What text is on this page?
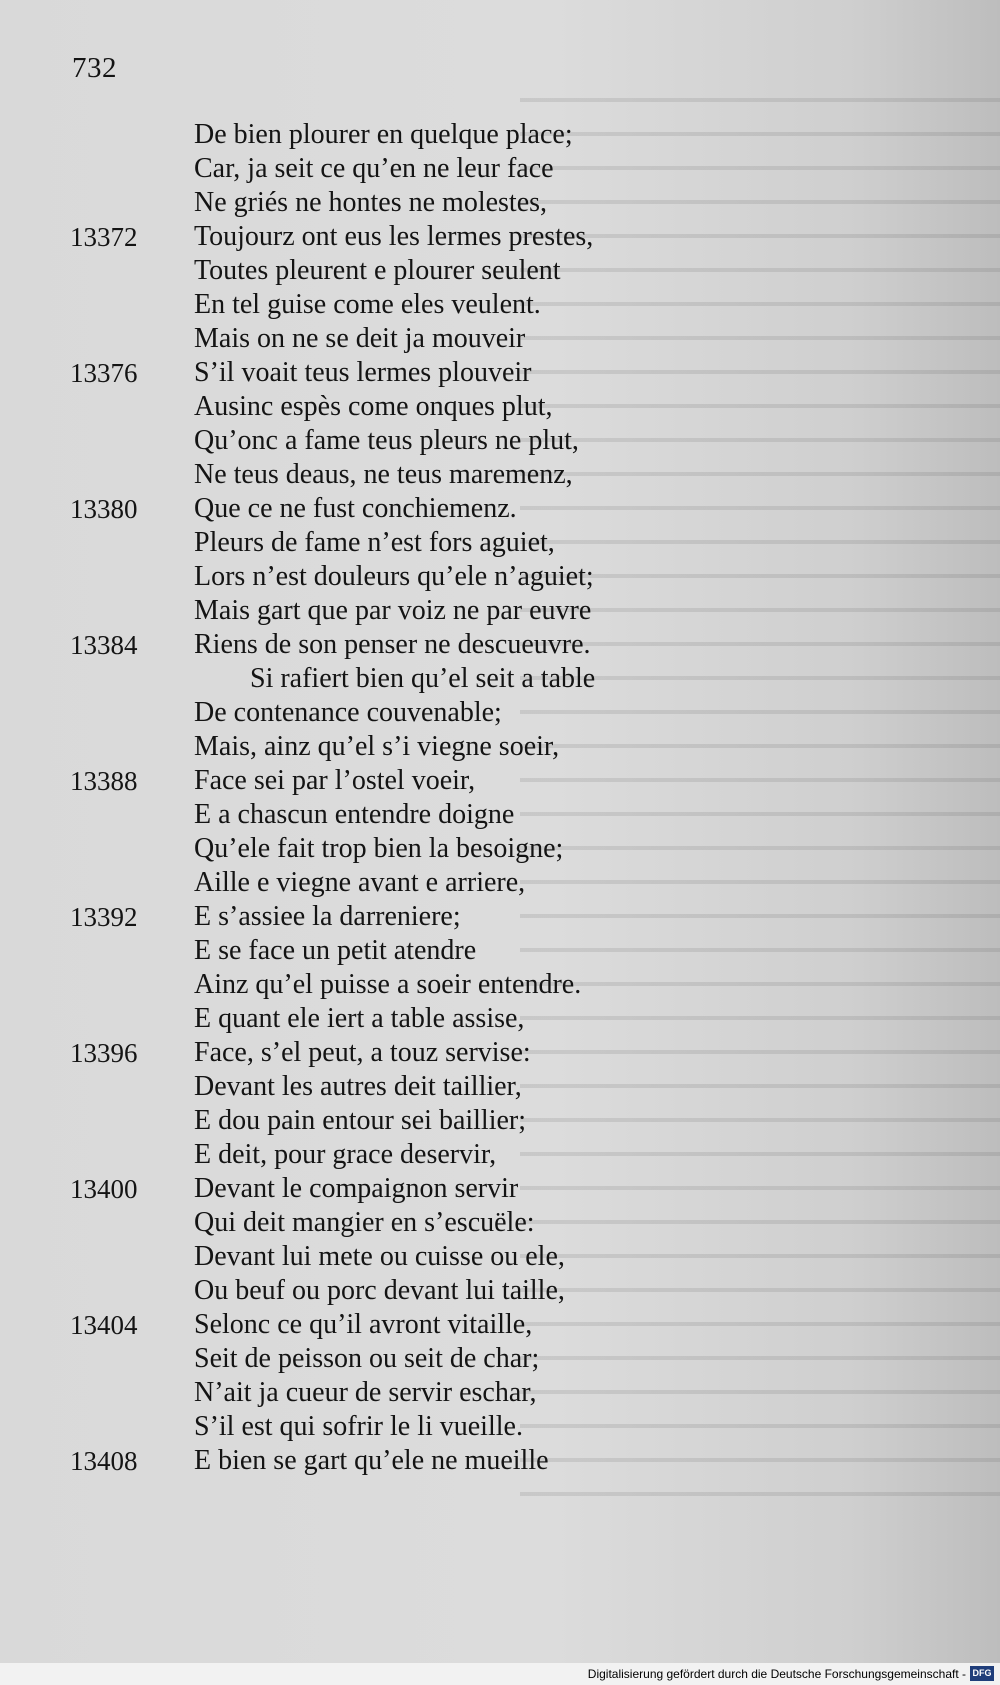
732
De bien plourer en quelque place;
Car, ja seit ce qu’en ne leur face
Ne griés ne hontes ne molestes,
13372	Toujourz ont eus les lermes prestes,
Toutes pleurent e plourer seulent
En tel guise come eles veulent.
Mais on ne se deit ja mouveir
13376	S’il voait teus lermes plouveir
Ausinc espès come onques plut,
Qu’onc a fame teus pleurs ne plut,
Ne teus deaus, ne teus maremenz,
13380	Que ce ne fust conchiemenz.
Pleurs de fame n’est fors aguiet,
Lors n’est douleurs qu’ele n’aguiet;
Mais gart que par voiz ne par euvre
13384	Riens de son penser ne descueuvre.
Si rafiert bien qu’el seit a table
De contenance couvenable;
Mais, ainz qu’el s’i viegne soeir,
13388	Face sei par l’ostel voeir,
E a chascun entendre doigne
Qu’ele fait trop bien la besoigne;
Aille e viegne avant e arriere,
13392	E s’assiee la darreniere;
E se face un petit atendre
Ainz qu’el puisse a soeir entendre.
E quant ele iert a table assise,
13396	Face, s’el peut, a touz servise:
Devant les autres deit taillier,
E dou pain entour sei baillier;
E deit, pour grace deservir,
13400	Devant le compaignon servir
Qui deit mangier en s’escuële:
Devant lui mete ou cuisse ou ele,
Ou beuf ou porc devant lui taille,
13404	Selonc ce qu’il avront vitaille,
Seit de peisson ou seit de char;
N’ait ja cueur de servir eschar,
S’il est qui sofrir le li vueille.
13408	E bien se gart qu’ele ne mueille
Digitalisierung gefördert durch die Deutsche Forschungsgemeinschaft - DFG
